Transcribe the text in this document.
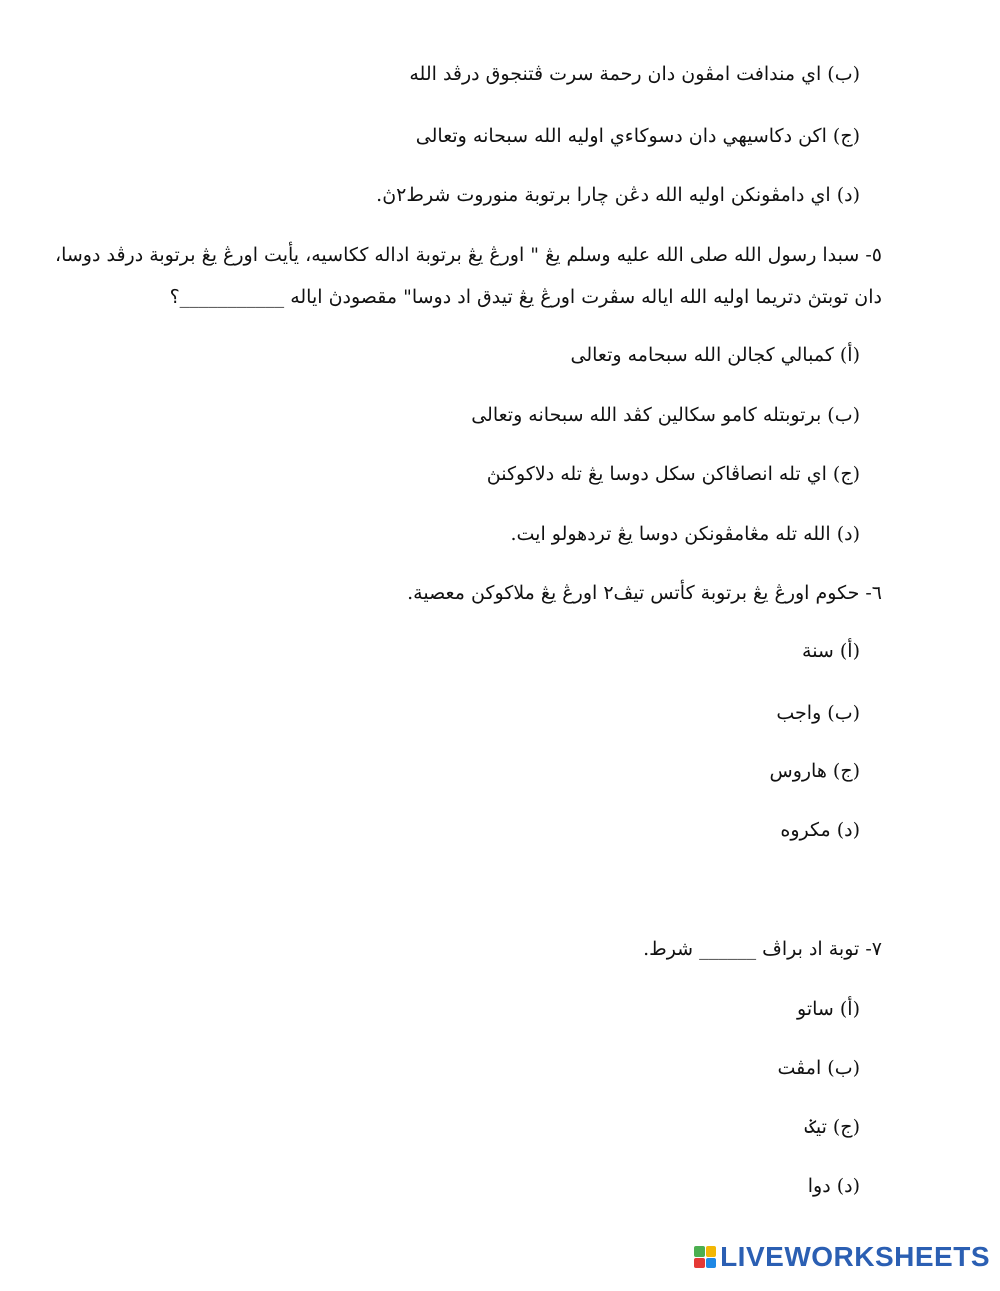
(ب) اي مندافت امڤون دان رحمة سرت ڤتنجوق درڤد الله
(ج) اکن دکاسيهي دان دسوکاءي اوليه الله سبحانه وتعالى
(د) اي دامڤونکن اوليه الله دڠن چارا برتوبة منوروت شرط٢ڽ.
٥- سبدا رسول الله صلى الله عليه وسلم يڠ " اورڠ يڠ برتوبة اداله ککاسيه، يأيت اورڠ يڠ برتوبة درڤد دوسا،
دان توبتڽ دتريما اوليه الله اياله سڤرت اورڠ يڠ تيدق اد دوسا" مقصودڽ اياله ___________؟
(أ) کمبالي کجالن الله سبحامه وتعالى
(ب) برتوبتله کامو سکالين کڤد الله سبحانه وتعالى
(ج) اي تله انصاڤاکن سکل دوسا يڠ تله دلاکوکنڽ
(د) الله تله مڠامڤونکن دوسا يڠ تردهولو ايت.
٦- حکوم اورڠ يڠ برتوبة کأتس تيڤ٢ اورڠ يڠ ملاکوکن معصية.
(أ) سنة
(ب) واجب
(ج) هاروس
(د) مکروه
٧- توبة اد براڤ ______ شرط.
(أ) ساتو
(ب) امڤت
(ج) تيݢ
(د) دوا
LIVEWORKSHEETS
